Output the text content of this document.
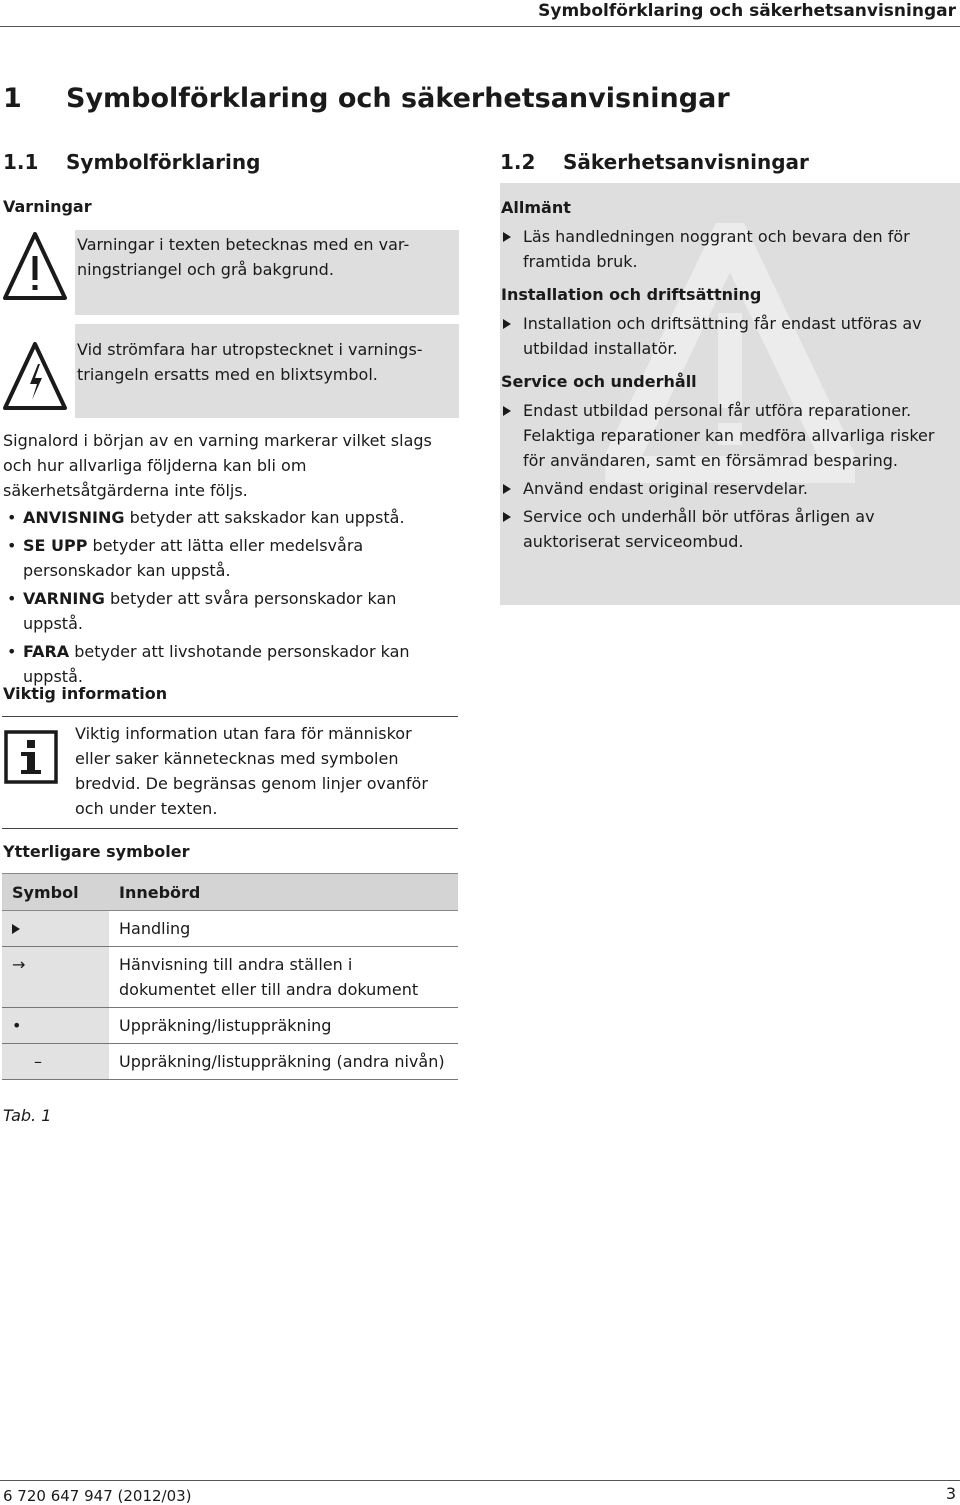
Symbolförklaring och säkerhetsanvisningar
1 Symbolförklaring och säkerhetsanvisningar
1.1 Symbolförklaring
Varningar
Varningar i texten betecknas med en var-
ningstriangel och grå bakgrund.
Vid strömfara har utropstecknet i varnings-
triangeln ersatts med en blixtsymbol.
Signalord i början av en varning markerar vilket slags och hur allvarliga följderna kan bli om säkerhetsåtgärderna inte följs.
• ANVISNING betyder att sakskador kan uppstå.
• SE UPP betyder att lätta eller medelsvåra personskador kan uppstå.
• VARNING betyder att svåra personskador kan uppstå.
• FARA betyder att livshotande personskador kan uppstå.
Viktig information
Viktig information utan fara för människor eller saker kännetecknas med symbolen bredvid. De begränsas genom linjer ovanför och under texten.
Ytterligare symboler
Symbol	Innebörd
	Handling
→	Hänvisning till andra ställen i dokumentet eller till andra dokument
•	Uppräkning/listuppräkning
–	Uppräkning/listuppräkning (andra nivån)
Tab. 1
1.2 Säkerhetsanvisningar
Allmänt
Läs handledningen noggrant och bevara den för framtida bruk.
Installation och driftsättning
Installation och driftsättning får endast utföras av utbildad installatör.
Service och underhåll
Endast utbildad personal får utföra reparationer. Felaktiga reparationer kan medföra allvarliga risker för användaren, samt en försämrad besparing.
Använd endast original reservdelar.
Service och underhåll bör utföras årligen av auktoriserat serviceombud.
6 720 647 947 (2012/03)	3
